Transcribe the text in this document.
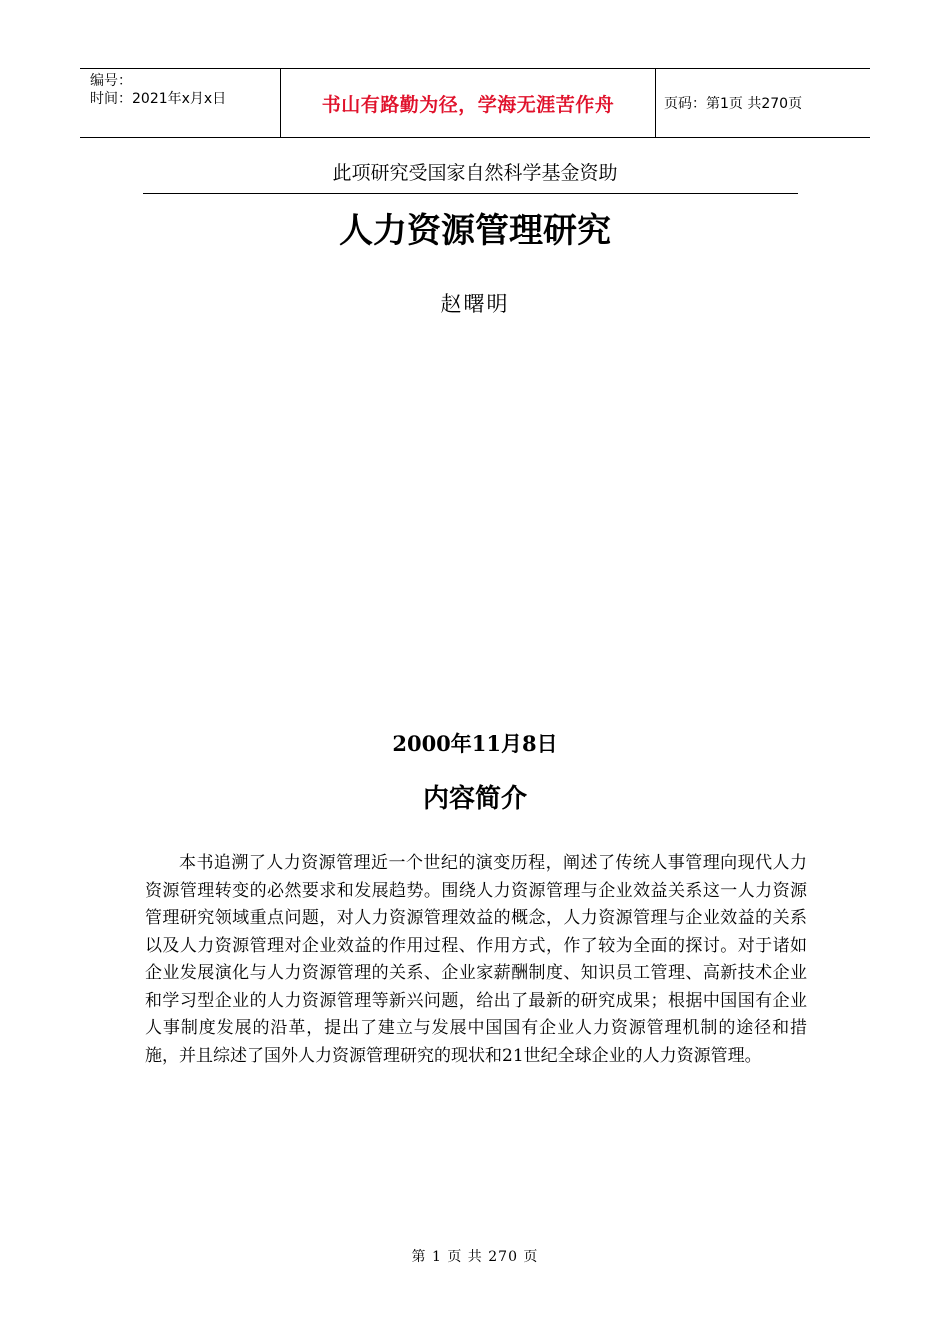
编号：
时间：2021年x月x日	书山有路勤为径，学海无涯苦作舟	页码：第1页 共270页
此项研究受国家自然科学基金资助
人力资源管理研究
赵曙明
2000年11月8日
内容简介
本书追溯了人力资源管理近一个世纪的演变历程，阐述了传统人事管理向现代人力资源管理转变的必然要求和发展趋势。围绕人力资源管理与企业效益关系这一人力资源管理研究领域重点问题，对人力资源管理效益的概念，人力资源管理与企业效益的关系以及人力资源管理对企业效益的作用过程、作用方式，作了较为全面的探讨。对于诸如企业发展演化与人力资源管理的关系、企业家薪酬制度、知识员工管理、高新技术企业和学习型企业的人力资源管理等新兴问题，给出了最新的研究成果；根据中国国有企业人事制度发展的沿革，提出了建立与发展中国国有企业人力资源管理机制的途径和措施，并且综述了国外人力资源管理研究的现状和21世纪全球企业的人力资源管理。
第 1 页 共 270 页
